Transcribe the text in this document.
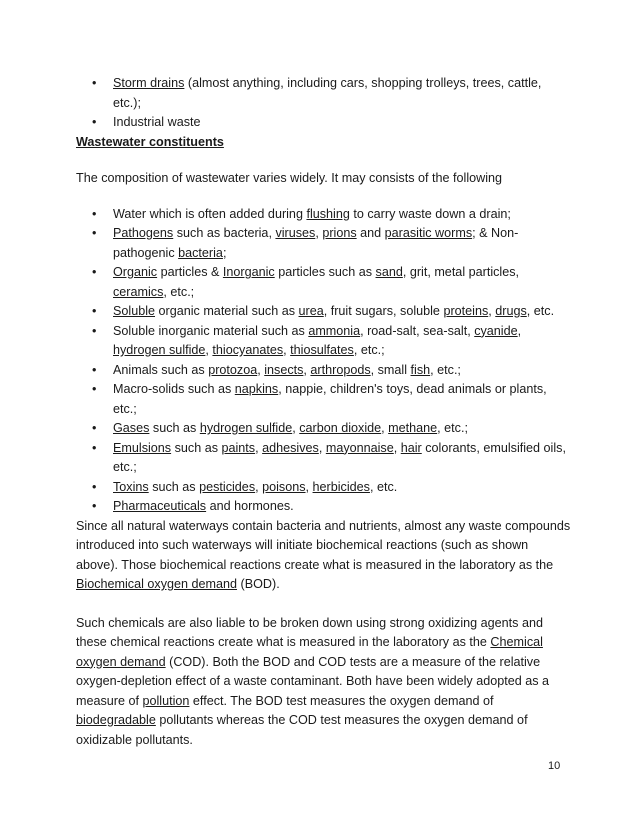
• Storm drains (almost anything, including cars, shopping trolleys, trees, cattle, etc.);
• Industrial waste
Wastewater constituents

The composition of wastewater varies widely. It may consists of the following

• Water which is often added during flushing to carry waste down a drain;
• Pathogens such as bacteria, viruses, prions and parasitic worms; & Non-pathogenic bacteria;
• Organic particles & Inorganic particles such as sand, grit, metal particles, ceramics, etc.;
• Soluble organic material such as urea, fruit sugars, soluble proteins, drugs, etc.
• Soluble inorganic material such as ammonia, road-salt, sea-salt, cyanide, hydrogen sulfide, thiocyanates, thiosulfates, etc.;
• Animals such as protozoa, insects, arthropods, small fish, etc.;
• Macro-solids such as napkins, nappie, children's toys, dead animals or plants, etc.;
• Gases such as hydrogen sulfide, carbon dioxide, methane, etc.;
• Emulsions such as paints, adhesives, mayonnaise, hair colorants, emulsified oils, etc.;
• Toxins such as pesticides, poisons, herbicides, etc.
• Pharmaceuticals and hormones.

Since all natural waterways contain bacteria and nutrients, almost any waste compounds introduced into such waterways will initiate biochemical reactions (such as shown above). Those biochemical reactions create what is measured in the laboratory as the Biochemical oxygen demand (BOD).

Such chemicals are also liable to be broken down using strong oxidizing agents and these chemical reactions create what is measured in the laboratory as the Chemical oxygen demand (COD). Both the BOD and COD tests are a measure of the relative oxygen-depletion effect of a waste contaminant. Both have been widely adopted as a measure of pollution effect. The BOD test measures the oxygen demand of biodegradable pollutants whereas the COD test measures the oxygen demand of oxidizable pollutants.

10
